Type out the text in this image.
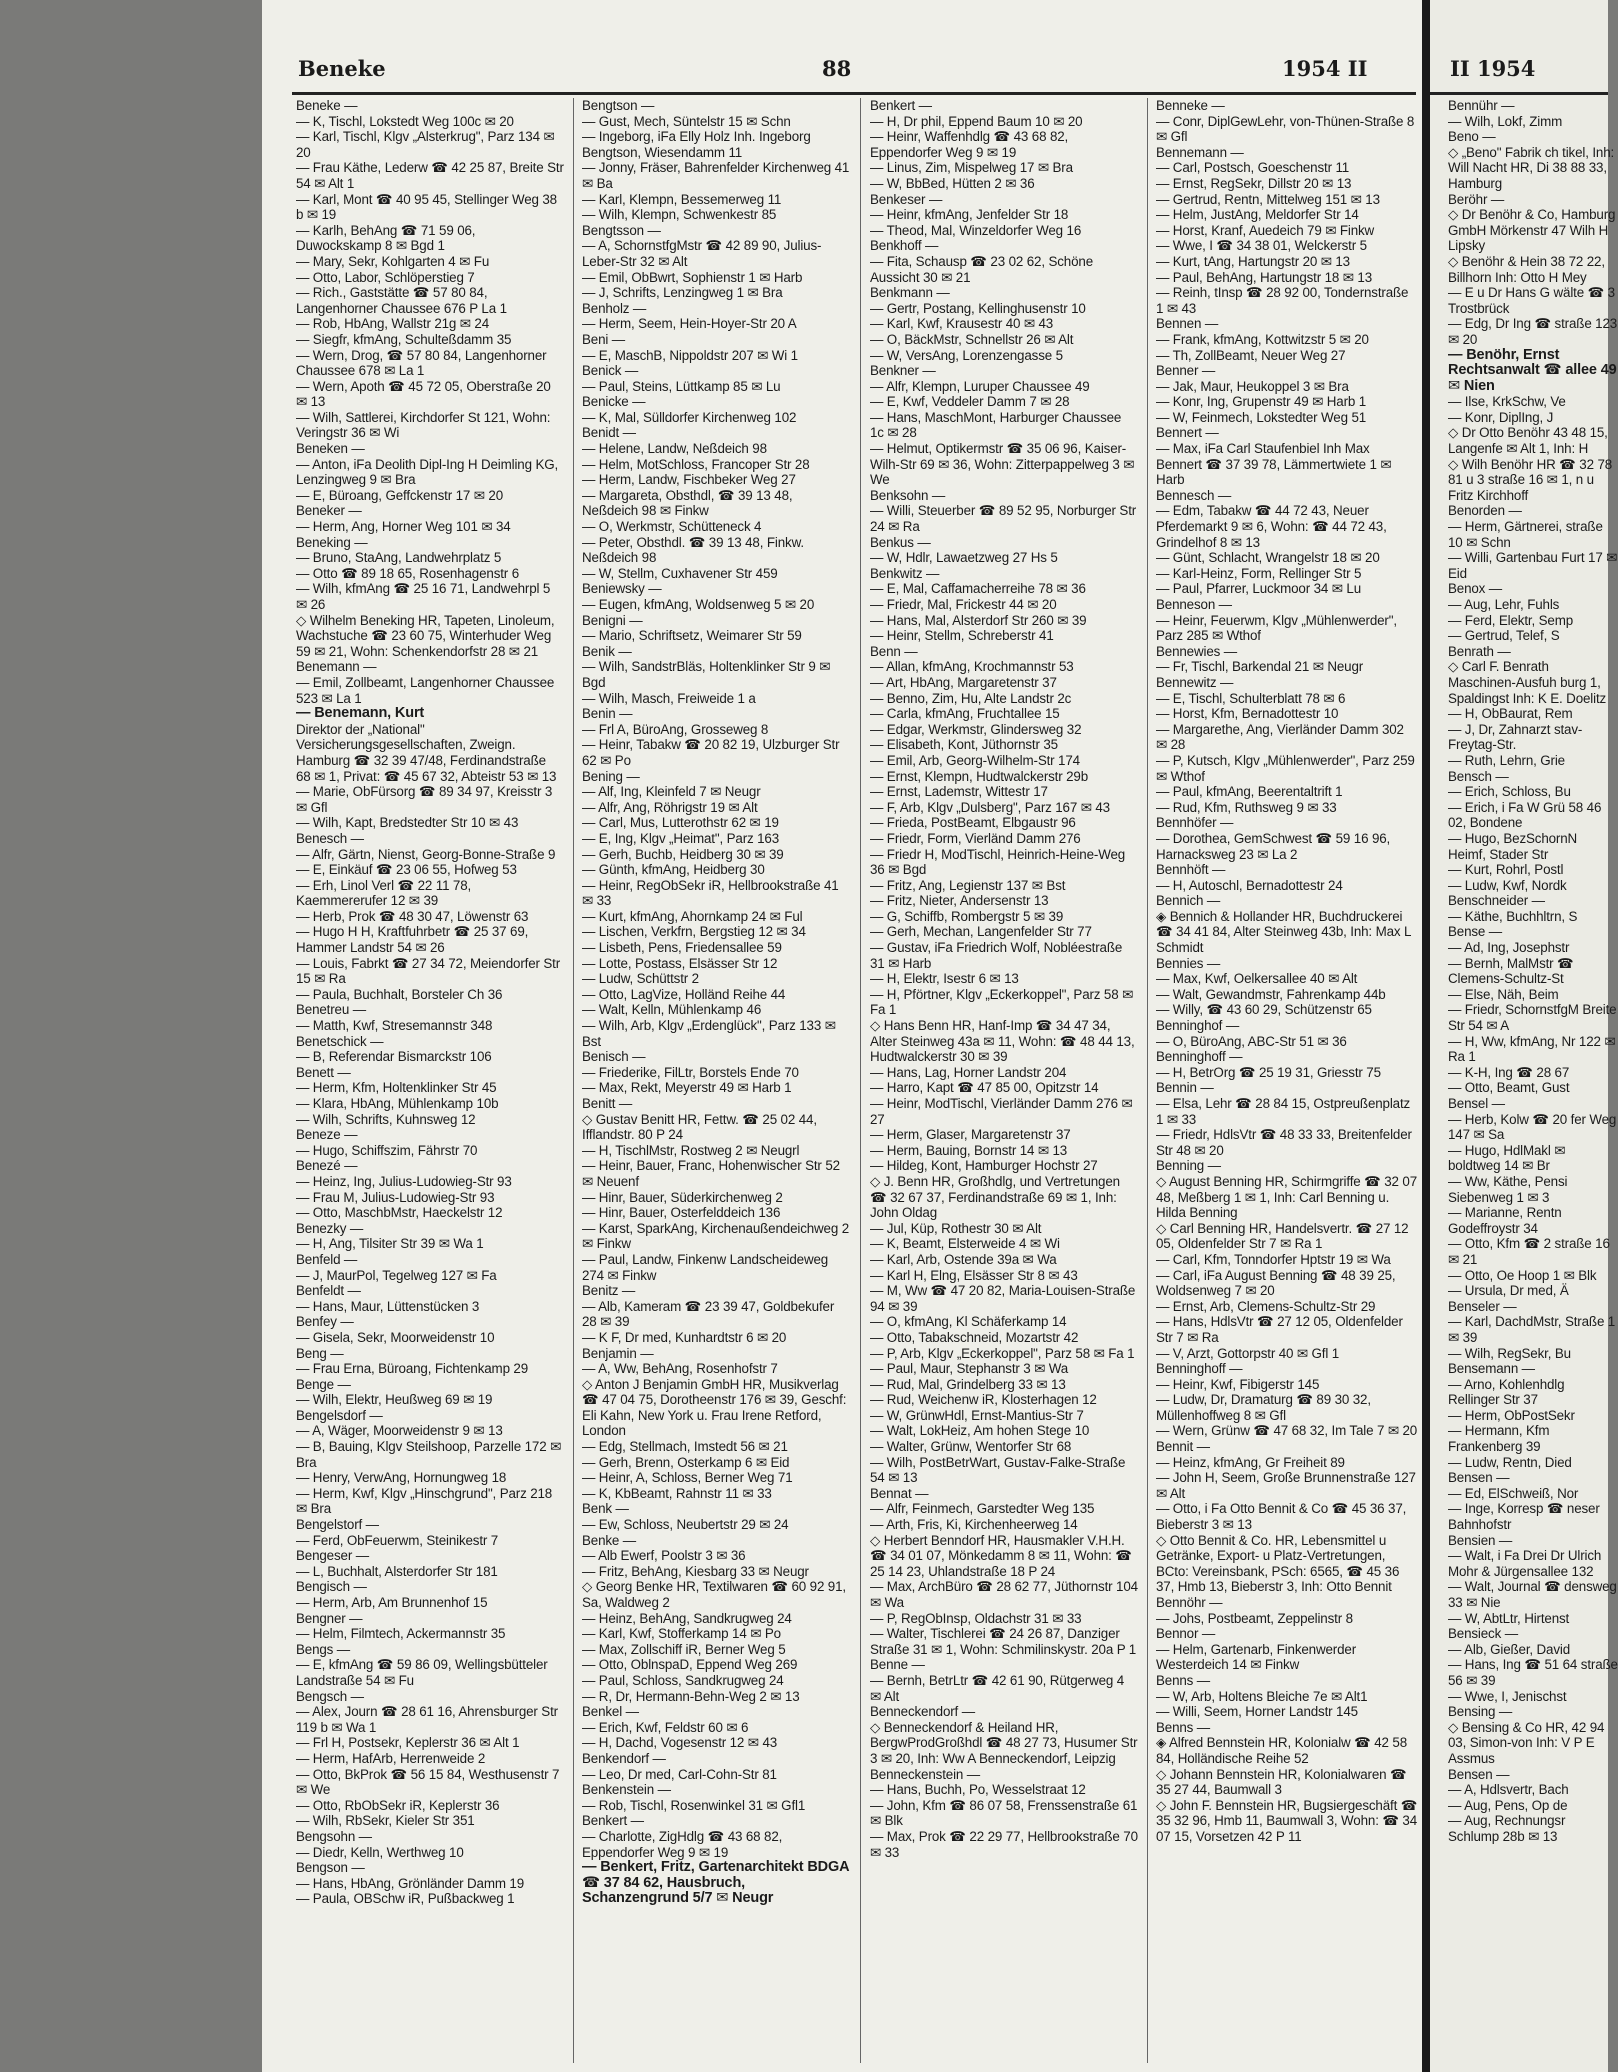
Beneke	88	1954 II
Beneke —
— K, Tischl, Lokstedt Weg 100c ✉ 20
— Karl, Tischl, Klgv „Alsterkrug", Parz 134 ✉ 20
— Frau Käthe, Lederw ☎ 42 25 87, Breite Str 54 ✉ Alt 1
— Karl, Mont ☎ 40 95 45, Stellinger Weg 38 b ✉ 19
— Karlh, BehAng ☎ 71 59 06, Duwockskamp 8 ✉ Bgd 1
— Mary, Sekr, Kohlgarten 4 ✉ Fu
— Otto, Labor, Schlöperstieg 7
— Rich., Gaststätte ☎ 57 80 84, Langenhorner Chaussee 676 P La 1
— Rob, HbAng, Wallstr 21g ✉ 24
— Siegfr, kfmAng, Schulteßdamm 35
— Wern, Drog, ☎ 57 80 84, Langenhorner Chaussee 678 ✉ La 1
— Wern, Apoth ☎ 45 72 05, Oberstraße 20 ✉ 13
— Wilh, Sattlerei, Kirchdorfer St 121, Wohn: Veringstr 36 ✉ Wi
Beneken —
— Anton, iFa Deolith Dipl-Ing H Deimling KG, Lenzingweg 9 ✉ Bra
— E, Büroang, Geffckenstr 17 ✉ 20
Beneker —
— Herm, Ang, Horner Weg 101 ✉ 34
Beneking —
— Bruno, StaAng, Landwehrplatz 5
— Otto ☎ 89 18 65, Rosenhagenstr 6
— Wilh, kfmAng ☎ 25 16 71, Landwehrpl 5 ✉ 26
◇ Wilhelm Beneking HR, Tapeten, Linoleum, Wachstuche ☎ 23 60 75, Winterhuder Weg 59 ✉ 21, Wohn: Schenkendorfstr 28 ✉ 21
Benemann —
— Emil, Zollbeamt, Langenhorner Chaussee 523 ✉ La 1
— Benemann, Kurt
Direktor der „National" Versicherungsgesellschaften, Zweign. Hamburg ☎ 32 39 47/48, Ferdinandstraße 68 ✉ 1, Privat: ☎ 45 67 32, Abteistr 53 ✉ 13
— Marie, ObFürsorg ☎ 89 34 97, Kreisstr 3 ✉ Gfl
— Wilh, Kapt, Bredstedter Str 10 ✉ 43
Benesch —
— Alfr, Gärtn, Nienst, Georg-Bonne-Straße 9
— E, Einkäuf ☎ 23 06 55, Hofweg 53
— Erh, Linol Verl ☎ 22 11 78, Kaemmererufer 12 ✉ 39
— Herb, Prok ☎ 48 30 47, Löwenstr 63
— Hugo H H, Kraftfuhrbetr ☎ 25 37 69, Hammer Landstr 54 ✉ 26
— Louis, Fabrkt ☎ 27 34 72, Meiendorfer Str 15 ✉ Ra
— Paula, Buchhalt, Borsteler Ch 36
Benetreu —
— Matth, Kwf, Stresemannstr 348
Benetschick —
— B, Referendar Bismarckstr 106
Benett —
— Herm, Kfm, Holtenklinker Str 45
— Klara, HbAng, Mühlenkamp 10b
— Wilh, Schrifts, Kuhnsweg 12
Beneze —
— Hugo, Schiffszim, Fährstr 70
Benezé —
— Heinz, Ing, Julius-Ludowieg-Str 93
— Frau M, Julius-Ludowieg-Str 93
— Otto, MaschbMstr, Haeckelstr 12
Benezky —
— H, Ang, Tilsiter Str 39 ✉ Wa 1
Benfeld —
— J, MaurPol, Tegelweg 127 ✉ Fa
Benfeldt —
— Hans, Maur, Lüttenstücken 3
Benfey —
— Gisela, Sekr, Moorweidenstr 10
Beng —
— Frau Erna, Büroang, Fichtenkamp 29
Benge —
— Wilh, Elektr, Heußweg 69 ✉ 19
Bengelsdorf —
— A, Wäger, Moorweidenstr 9 ✉ 13
— B, Bauing, Klgv Steilshoop, Parzelle 172 ✉ Bra
— Henry, VerwAng, Hornungweg 18
— Herm, Kwf, Klgv „Hinschgrund", Parz 218 ✉ Bra
Bengelstorf —
— Ferd, ObFeuerwm, Steinikestr 7
Bengeser —
— L, Buchhalt, Alsterdorfer Str 181
Bengisch —
— Herm, Arb, Am Brunnenhof 15
Bengner —
— Helm, Filmtech, Ackermannstr 35
Bengs —
— E, kfmAng ☎ 59 86 09, Wellingsbütteler Landstraße 54 ✉ Fu
Bengsch —
— Alex, Journ ☎ 28 61 16, Ahrensburger Str 119 b ✉ Wa 1
— Frl H, Postsekr, Keplerstr 36 ✉ Alt 1
— Herm, HafArb, Herrenweide 2
— Otto, BkProk ☎ 56 15 84, Westhusenstr 7 ✉ We
— Otto, RbObSekr iR, Keplerstr 36
— Wilh, RbSekr, Kieler Str 351
Bengsohn —
— Diedr, Kelln, Werthweg 10
Bengson —
— Hans, HbAng, Grönländer Damm 19
— Paula, OBSchw iR, Pußbackweg 1
Bengtson —
— Gust, Mech, Süntelstr 15 ✉ Schn
— Ingeborg, iFa Elly Holz Inh. Ingeborg Bengtson, Wiesendamm 11
— Jonny, Fräser, Bahrenfelder Kirchenweg 41 ✉ Ba
— Karl, Klempn, Bessemerweg 11
— Wilh, Klempn, Schwenkestr 85
Bengtsson —
— A, SchornstfgMstr ☎ 42 89 90, Julius-Leber-Str 32 ✉ Alt
— Emil, ObBwrt, Sophienstr 1 ✉ Harb
— J, Schrifts, Lenzingweg 1 ✉ Bra
Benholz —
— Herm, Seem, Hein-Hoyer-Str 20 A
Beni —
— E, MaschB, Nippoldstr 207 ✉ Wi 1
Benick —
— Paul, Steins, Lüttkamp 85 ✉ Lu
Benicke —
— K, Mal, Sülldorfer Kirchenweg 102
Benidt —
— Helene, Landw, Neßdeich 98
— Helm, MotSchloss, Francoper Str 28
— Herm, Landw, Fischbeker Weg 27
— Margareta, Obsthdl, ☎ 39 13 48, Neßdeich 98 ✉ Finkw
— O, Werkmstr, Schütteneck 4
— Peter, Obsthdl. ☎ 39 13 48, Finkw. Neßdeich 98
— W, Stellm, Cuxhavener Str 459
Beniewsky —
— Eugen, kfmAng, Woldsenweg 5 ✉ 20
Benigni —
— Mario, Schriftsetz, Weimarer Str 59
Benik —
— Wilh, SandstrBläs, Holtenklinker Str 9 ✉ Bgd
— Wilh, Masch, Freiweide 1 a
Benin —
— Frl A, BüroAng, Grosseweg 8
— Heinr, Tabakw ☎ 20 82 19, Ulzburger Str 62 ✉ Po
Bening —
— Alf, Ing, Kleinfeld 7 ✉ Neugr
— Alfr, Ang, Röhrigstr 19 ✉ Alt
— Carl, Mus, Lutterothstr 62 ✉ 19
— E, Ing, Klgv „Heimat", Parz 163
— Gerh, Buchb, Heidberg 30 ✉ 39
— Günth, kfmAng, Heidberg 30
— Heinr, RegObSekr iR, Hellbrookstraße 41 ✉ 33
— Kurt, kfmAng, Ahornkamp 24 ✉ Ful
— Lischen, Verkfrn, Bergstieg 12 ✉ 34
— Lisbeth, Pens, Friedensallee 59
— Lotte, Postass, Elsässer Str 12
— Ludw, Schüttstr 2
— Otto, LagVize, Holländ Reihe 44
— Walt, Kelln, Mühlenkamp 46
— Wilh, Arb, Klgv „Erdenglück", Parz 133 ✉ Bst
Benisch —
— Friederike, FilLtr, Borstels Ende 70
— Max, Rekt, Meyerstr 49 ✉ Harb 1
Benitt —
◇ Gustav Benitt HR, Fettw. ☎ 25 02 44, Ifflandstr. 80 P 24
— H, TischlMstr, Rostweg 2 ✉ Neugrl
— Heinr, Bauer, Franc, Hohenwischer Str 52 ✉ Neuenf
— Hinr, Bauer, Süderkirchenweg 2
— Hinr, Bauer, Osterfelddeich 136
— Karst, SparkAng, Kirchenaußendeichweg 2 ✉ Finkw
— Paul, Landw, Finkenw Landscheideweg 274 ✉ Finkw
Benitz —
— Alb, Kameram ☎ 23 39 47, Goldbekufer 28 ✉ 39
— K F, Dr med, Kunhardtstr 6 ✉ 20
Benjamin —
— A, Ww, BehAng, Rosenhofstr 7
◇ Anton J Benjamin GmbH HR, Musikverlag ☎ 47 04 75, Dorotheenstr 176 ✉ 39, Geschf: Eli Kahn, New York u. Frau Irene Retford, London
— Edg, Stellmach, Imstedt 56 ✉ 21
— Gerh, Brenn, Osterkamp 6 ✉ Eid
— Heinr, A, Schloss, Berner Weg 71
— K, KbBeamt, Rahnstr 11 ✉ 33
Benk —
— Ew, Schloss, Neubertstr 29 ✉ 24
Benke —
— Alb Ewerf, Poolstr 3 ✉ 36
— Fritz, BehAng, Kiesbarg 33 ✉ Neugr
◇ Georg Benke HR, Textilwaren ☎ 60 92 91, Sa, Waldweg 2
— Heinz, BehAng, Sandkrugweg 24
— Karl, Kwf, Stofferkamp 14 ✉ Po
— Max, Zollschiff iR, Berner Weg 5
— Otto, OblnspaD, Eppend Weg 269
— Paul, Schloss, Sandkrugweg 24
— R, Dr, Hermann-Behn-Weg 2 ✉ 13
Benkel —
— Erich, Kwf, Feldstr 60 ✉ 6
— H, Dachd, Vogesenstr 12 ✉ 43
Benkendorf —
— Leo, Dr med, Carl-Cohn-Str 81
Benkenstein —
— Rob, Tischl, Rosenwinkel 31 ✉ Gfl1
Benkert —
— Charlotte, ZigHdlg ☎ 43 68 82, Eppendorfer Weg 9 ✉ 19
— Benkert, Fritz, Gartenarchitekt BDGA ☎ 37 84 62, Hausbruch, Schanzengrund 5/7 ✉ Neugr
Benkert —
— H, Dr phil, Eppend Baum 10 ✉ 20
— Heinr, Waffenhdlg ☎ 43 68 82, Eppendorfer Weg 9 ✉ 19
— Linus, Zim, Mispelweg 17 ✉ Bra
— W, BbBed, Hütten 2 ✉ 36
Benkeser —
— Heinr, kfmAng, Jenfelder Str 18
— Theod, Mal, Winzeldorfer Weg 16
Benkhoff —
— Fita, Schausp ☎ 23 02 62, Schöne Aussicht 30 ✉ 21
Benkmann —
— Gertr, Postang, Kellinghusenstr 10
— Karl, Kwf, Krausestr 40 ✉ 43
— O, BäckMstr, Schnellstr 26 ✉ Alt
— W, VersAng, Lorenzengasse 5
Benkner —
— Alfr, Klempn, Luruper Chaussee 49
— E, Kwf, Veddeler Damm 7 ✉ 28
— Hans, MaschMont, Harburger Chaussee 1c ✉ 28
— Helmut, Optikermstr ☎ 35 06 96, Kaiser-Wilh-Str 69 ✉ 36, Wohn: Zitterpappelweg 3 ✉ We
Benksohn —
— Willi, Steuerber ☎ 89 52 95, Norburger Str 24 ✉ Ra
Benkus —
— W, Hdlr, Lawaetzweg 27 Hs 5
Benkwitz —
— E, Mal, Caffamacherreihe 78 ✉ 36
— Friedr, Mal, Frickestr 44 ✉ 20
— Hans, Mal, Alsterdorf Str 260 ✉ 39
— Heinr, Stellm, Schreberstr 41
Benn —
— Allan, kfmAng, Krochmannstr 53
— Art, HbAng, Margaretenstr 37
— Benno, Zim, Hu, Alte Landstr 2c
— Carla, kfmAng, Fruchtallee 15
— Edgar, Werkmstr, Glindersweg 32
— Elisabeth, Kont, Jüthornstr 35
— Emil, Arb, Georg-Wilhelm-Str 174
— Ernst, Klempn, Hudtwalckerstr 29b
— Ernst, Lademstr, Wittestr 17
— F, Arb, Klgv „Dulsberg", Parz 167 ✉ 43
— Frieda, PostBeamt, Elbgaustr 96
— Friedr, Form, Vierländ Damm 276
— Friedr H, ModTischl, Heinrich-Heine-Weg 36 ✉ Bgd
— Fritz, Ang, Legienstr 137 ✉ Bst
— Fritz, Nieter, Andersenstr 13
— G, Schiffb, Rombergstr 5 ✉ 39
— Gerh, Mechan, Langenfelder Str 77
— Gustav, iFa Friedrich Wolf, Nobléestraße 31 ✉ Harb
— H, Elektr, Isestr 6 ✉ 13
— H, Pförtner, Klgv „Eckerkoppel", Parz 58 ✉ Fa 1
◇ Hans Benn HR, Hanf-Imp ☎ 34 47 34, Alter Steinweg 43a ✉ 11, Wohn: ☎ 48 44 13, Hudtwalckerstr 30 ✉ 39
— Hans, Lag, Horner Landstr 204
— Harro, Kapt ☎ 47 85 00, Opitzstr 14
— Heinr, ModTischl, Vierländer Damm 276 ✉ 27
— Herm, Glaser, Margaretenstr 37
— Herm, Bauing, Bornstr 14 ✉ 13
— Hildeg, Kont, Hamburger Hochstr 27
◇ J. Benn HR, Großhdlg, und Vertretungen ☎ 32 67 37, Ferdinandstraße 69 ✉ 1, Inh: John Oldag
— Jul, Küp, Rothestr 30 ✉ Alt
— K, Beamt, Elsterweide 4 ✉ Wi
— Karl, Arb, Ostende 39a ✉ Wa
— Karl H, Elng, Elsässer Str 8 ✉ 43
— M, Ww ☎ 47 20 82, Maria-Louisen-Straße 94 ✉ 39
— O, kfmAng, Kl Schäferkamp 14
— Otto, Tabakschneid, Mozartstr 42
— P, Arb, Klgv „Eckerkoppel", Parz 58 ✉ Fa 1
— Paul, Maur, Stephanstr 3 ✉ Wa
— Rud, Mal, Grindelberg 33 ✉ 13
— Rud, Weichenw iR, Klosterhagen 12
— W, GrünwHdl, Ernst-Mantius-Str 7
— Walt, LokHeiz, Am hohen Stege 10
— Walter, Grünw, Wentorfer Str 68
— Wilh, PostBetrWart, Gustav-Falke-Straße 54 ✉ 13
Bennat —
— Alfr, Feinmech, Garstedter Weg 135
— Arth, Fris, Ki, Kirchenheerweg 14
◇ Herbert Benndorf HR, Hausmakler V.H.H. ☎ 34 01 07, Mönkedamm 8 ✉ 11, Wohn: ☎ 25 14 23, Uhlandstraße 18 P 24
— Max, ArchBüro ☎ 28 62 77, Jüthornstr 104 ✉ Wa
— P, RegObInsp, Oldachstr 31 ✉ 33
— Walter, Tischlerei ☎ 24 26 87, Danziger Straße 31 ✉ 1, Wohn: Schmilinskystr. 20a P 1
Benne —
— Bernh, BetrLtr ☎ 42 61 90, Rütgerweg 4 ✉ Alt
Benneckendorf —
◇ Benneckendorf & Heiland HR, BergwProdGroßhdl ☎ 48 27 73, Husumer Str 3 ✉ 20, Inh: Ww A Benneckendorf, Leipzig
Benneckenstein —
— Hans, Buchh, Po, Wesselstraat 12
— John, Kfm ☎ 86 07 58, Frenssenstraße 61 ✉ Blk
— Max, Prok ☎ 22 29 77, Hellbrookstraße 70 ✉ 33
Benneke —
— Conr, DiplGewLehr, von-Thünen-Straße 8 ✉ Gfl
Bennemann —
— Carl, Postsch, Goeschenstr 11
— Ernst, RegSekr, Dillstr 20 ✉ 13
— Gertrud, Rentn, Mittelweg 151 ✉ 13
— Helm, JustAng, Meldorfer Str 14
— Horst, Kranf, Auedeich 79 ✉ Finkw
— Wwe, I ☎ 34 38 01, Welckerstr 5
— Kurt, tAng, Hartungstr 20 ✉ 13
— Paul, BehAng, Hartungstr 18 ✉ 13
— Reinh, tInsp ☎ 28 92 00, Tondernstraße 1 ✉ 43
Bennen —
— Frank, kfmAng, Kottwitzstr 5 ✉ 20
— Th, ZollBeamt, Neuer Weg 27
Benner —
— Jak, Maur, Heukoppel 3 ✉ Bra
— Konr, Ing, Grupenstr 49 ✉ Harb 1
— W, Feinmech, Lokstedter Weg 51
Bennert —
— Max, iFa Carl Staufenbiel Inh Max Bennert ☎ 37 39 78, Lämmertwiete 1 ✉ Harb
Bennesch —
— Edm, Tabakw ☎ 44 72 43, Neuer Pferdemarkt 9 ✉ 6, Wohn: ☎ 44 72 43, Grindelhof 8 ✉ 13
— Günt, Schlacht, Wrangelstr 18 ✉ 20
— Karl-Heinz, Form, Rellinger Str 5
— Paul, Pfarrer, Luckmoor 34 ✉ Lu
Benneson —
— Heinr, Feuerwm, Klgv „Mühlenwerder", Parz 285 ✉ Wthof
Bennewies —
— Fr, Tischl, Barkendal 21 ✉ Neugr
Bennewitz —
— E, Tischl, Schulterblatt 78 ✉ 6
— Horst, Kfm, Bernadottestr 10
— Margarethe, Ang, Vierländer Damm 302 ✉ 28
— P, Kutsch, Klgv „Mühlenwerder", Parz 259 ✉ Wthof
— Paul, kfmAng, Beerentaltrift 1
— Rud, Kfm, Ruthsweg 9 ✉ 33
Bennhöfer —
— Dorothea, GemSchwest ☎ 59 16 96, Harnacksweg 23 ✉ La 2
Bennhöft —
— H, Autoschl, Bernadottestr 24
Bennich —
◈ Bennich & Hollander HR, Buchdruckerei ☎ 34 41 84, Alter Steinweg 43b, Inh: Max L Schmidt
Bennies —
— Max, Kwf, Oelkersallee 40 ✉ Alt
— Walt, Gewandmstr, Fahrenkamp 44b
— Willy, ☎ 43 60 29, Schützenstr 65
Benninghof —
— O, BüroAng, ABC-Str 51 ✉ 36
Benninghoff —
— H, BetrOrg ☎ 25 19 31, Griesstr 75
Bennin —
— Elsa, Lehr ☎ 28 84 15, Ostpreußenplatz 1 ✉ 33
— Friedr, HdlsVtr ☎ 48 33 33, Breitenfelder Str 48 ✉ 20
Benning —
◇ August Benning HR, Schirmgriffe ☎ 32 07 48, Meßberg 1 ✉ 1, Inh: Carl Benning u. Hilda Benning
◇ Carl Benning HR, Handelsvertr. ☎ 27 12 05, Oldenfelder Str 7 ✉ Ra 1
— Carl, Kfm, Tonndorfer Hptstr 19 ✉ Wa
— Carl, iFa August Benning ☎ 48 39 25, Woldsenweg 7 ✉ 20
— Ernst, Arb, Clemens-Schultz-Str 29
— Hans, HdlsVtr ☎ 27 12 05, Oldenfelder Str 7 ✉ Ra
— V, Arzt, Gottorpstr 40 ✉ Gfl 1
Benninghoff —
— Heinr, Kwf, Fibigerstr 145
— Ludw, Dr, Dramaturg ☎ 89 30 32, Müllenhoffweg 8 ✉ Gfl
— Wern, Grünw ☎ 47 68 32, Im Tale 7 ✉ 20
Bennit —
— Heinz, kfmAng, Gr Freiheit 89
— John H, Seem, Große Brunnenstraße 127 ✉ Alt
— Otto, i Fa Otto Bennit & Co ☎ 45 36 37, Bieberstr 3 ✉ 13
◇ Otto Bennit & Co. HR, Lebensmittel u Getränke, Export- u Platz-Vertretungen, BCto: Vereinsbank, PSch: 6565, ☎ 45 36 37, Hmb 13, Bieberstr 3, Inh: Otto Bennit
Bennöhr —
— Johs, Postbeamt, Zeppelinstr 8
Bennor —
— Helm, Gartenarb, Finkenwerder Westerdeich 14 ✉ Finkw
Benns —
— W, Arb, Holtens Bleiche 7e ✉ Alt1
— Willi, Seem, Horner Landstr 145
Benns —
◈ Alfred Bennstein HR, Kolonialw ☎ 42 58 84, Holländische Reihe 52
◇ Johann Bennstein HR, Kolonialwaren ☎ 35 27 44, Baumwall 3
◇ John F. Bennstein HR, Bugsiergeschäft ☎ 35 32 96, Hmb 11, Baumwall 3, Wohn: ☎ 34 07 15, Vorsetzen 42 P 11
II 1954
Bennühr —
— Wilh, Lokf, Zimm
Beno —
◇ „Beno" Fabrik ch tikel, Inh: Will Nacht HR, Di 38 88 33, Hamburg
Beröhr —
◇ Dr Benöhr & Co, Hamburg GmbH Mörkenstr 47 Wilh H Lipsky
◇ Benöhr & Hein 38 72 22, Billhorn Inh: Otto H Mey
— E u Dr Hans G wälte ☎ 3 Trostbrück
— Edg, Dr Ing ☎ straße 123 ✉ 20
— Benöhr, Ernst Rechtsanwalt ☎ allee 49 ✉ Nien
— Ilse, KrkSchw, Ve
— Konr, DiplIng, J
◇ Dr Otto Benöhr 43 48 15, Langenfe ✉ Alt 1, Inh: H
◇ Wilh Benöhr HR ☎ 32 78 81 u 3 straße 16 ✉ 1, n u Fritz Kirchhoff
Benorden —
— Herm, Gärtnerei, straße 10 ✉ Schn
— Willi, Gartenbau Furt 17 ✉ Eid
Benox —
— Aug, Lehr, Fuhls
— Ferd, Elektr, Semp
— Gertrud, Telef, S
Benrath —
◇ Carl F. Benrath Maschinen-Ausfuh burg 1, Spaldingst Inh: K E. Doelitz
— H, ObBaurat, Rem
— J, Dr, Zahnarzt stav-Freytag-Str.
— Ruth, Lehrn, Grie
Bensch —
— Erich, Schloss, Bu
— Erich, i Fa W Grü 58 46 02, Bondene
— Hugo, BezSchornN Heimf, Stader Str
— Kurt, Rohrl, Postl
— Ludw, Kwf, Nordk
Benschneider —
— Käthe, Buchhltrn, S
Bense —
— Ad, Ing, Josephstr
— Bernh, MalMstr ☎ Clemens-Schultz-St
— Else, Näh, Beim
— Friedr, SchornstfgM Breite Str 54 ✉ A
— H, Ww, kfmAng, Nr 122 ✉ Ra 1
— K-H, Ing ☎ 28 67
— Otto, Beamt, Gust
Bensel —
— Herb, Kolw ☎ 20 fer Weg 147 ✉ Sa
— Hugo, HdlMakl ✉ boldtweg 14 ✉ Br
— Ww, Käthe, Pensi Siebenweg 1 ✉ 3
— Marianne, Rentn Godeffroystr 34
— Otto, Kfm ☎ 2 straße 16 ✉ 21
— Otto, Oe Hoop 1 ✉ Blk
— Ursula, Dr med, Ä
Benseler —
— Karl, DachdMstr, Straße 1 ✉ 39
— Wilh, RegSekr, Bu
Bensemann —
— Arno, Kohlenhdlg Rellinger Str 37
— Herm, ObPostSekr
— Hermann, Kfm Frankenberg 39
— Ludw, Rentn, Died
Bensen —
— Ed, ElSchweiß, Nor
— Inge, Korresp ☎ neser Bahnhofstr
Bensien —
— Walt, i Fa Drei Dr Ulrich Mohr & Jürgensallee 132
— Walt, Journal ☎ densweg 33 ✉ Nie
— W, AbtLtr, Hirtenst
Bensieck —
— Alb, Gießer, David
— Hans, Ing ☎ 51 64 straße 56 ✉ 39
— Wwe, I, Jenischst
Bensing —
◇ Bensing & Co HR, 42 94 03, Simon-von Inh: V P E Assmus
Bensen —
— A, Hdlsvertr, Bach
— Aug, Pens, Op de
— Aug, Rechnungsr Schlump 28b ✉ 13
